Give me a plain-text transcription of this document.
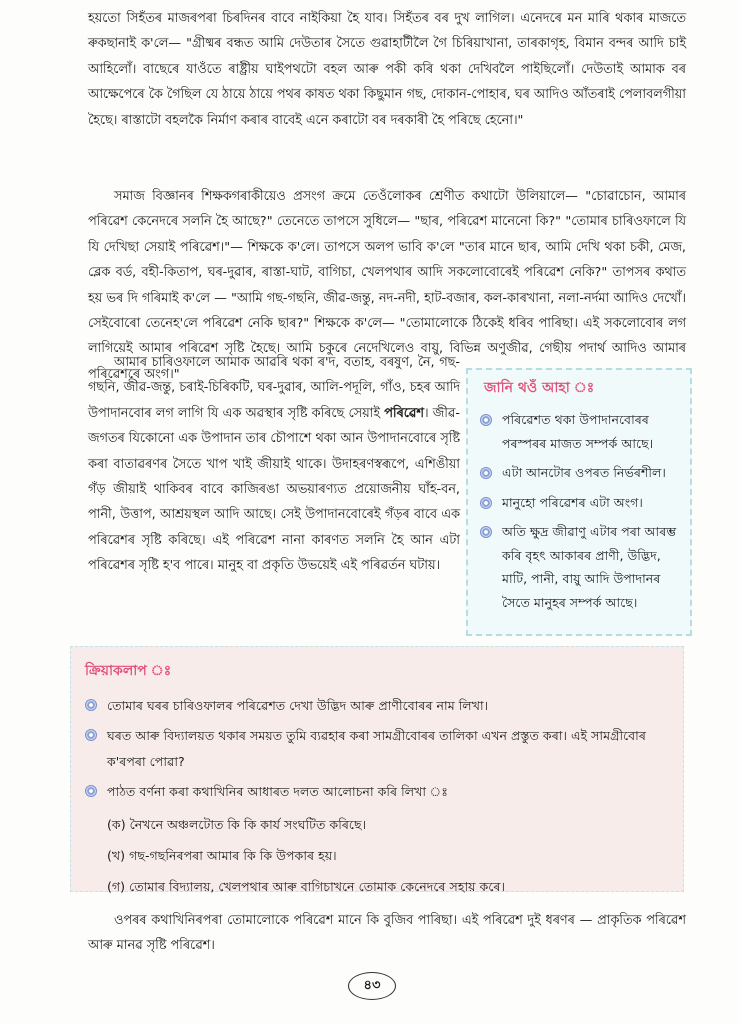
হয়তো সিহঁতৰ মাজৰপৰা চিৰদিনৰ বাবে নাইকিয়া হৈ যাব। সিহঁতৰ বৰ দুখ লাগিল। এনেদৰে মন মাৰি থকাৰ মাজতে ৰুকছানাই ক'লে— "গ্ৰীষ্মৰ বন্ধত আমি দেউতাৰ সৈতে গুৱাহাটীলৈ গৈ চিৰিয়াখানা, তাৰকাগৃহ, বিমান বন্দৰ আদি চাই আহিলোঁ। বাছেৰে যাওঁতে ৰাষ্ট্ৰীয় ঘাইপথটো বহল আৰু পকী কৰি থকা দেখিবলৈ পাইছিলোঁ। দেউতাই আমাক বৰ আক্ষেপেৰে কৈ গৈছিল যে ঠায়ে ঠায়ে পথৰ কাষত থকা কিছুমান গছ, দোকান-পোহাৰ, ঘৰ আদিও আঁতৰাই পেলাবলগীয়া হৈছে। ৰাস্তাটো বহলকৈ নিৰ্মাণ কৰাৰ বাবেই এনে কৰাটো বৰ দৰকাৰী হৈ পৰিছে হেনো।"

সমাজ বিজ্ঞানৰ শিক্ষকগৰাকীয়েও প্ৰসংগ ক্ৰমে তেওঁলোকৰ শ্ৰেণীত কথাটো উলিয়ালে— "চোৱাচোন, আমাৰ পৰিৱেশ কেনেদৰে সলনি হৈ আছে?" তেনেতে তাপসে সুধিলে— "ছাৰ, পৰিৱেশ মানেনো কি?" "তোমাৰ চাৰিওফালে যি যি দেখিছা সেয়াই পৰিৱেশ।"— শিক্ষকে ক'লে। তাপসে অলপ ভাবি ক'লে "তাৰ মানে ছাৰ, আমি দেখি থকা চকী, মেজ, ব্লেক বৰ্ড, বহী-কিতাপ, ঘৰ-দুৱাৰ, ৰাস্তা-ঘাট, বাগিচা, খেলপথাৰ আদি সকলোবোৰেই পৰিৱেশ নেকি?" তাপসৰ কথাত হয় ভৰ দি গৰিমাই ক'লে — "আমি গছ-গছনি, জীৱ-জন্তু, নদ-নদী, হাট-বজাৰ, কল-কাৰখানা, নলা-নৰ্দমা আদিও দেখোঁ। সেইবোৰো তেনেহ'লে পৰিৱেশ নেকি ছাৰ?" শিক্ষকে ক'লে— "তোমালোকে ঠিকেই ধৰিব পাৰিছা। এই সকলোবোৰ লগ লাগিয়েই আমাৰ পৰিৱেশ সৃষ্টি হৈছে। আমি চকুৰে নেদেখিলেও বায়ু, বিভিন্ন অণুজীৱ, গেছীয় পদাৰ্থ আদিও আমাৰ পৰিৱেশৰে অংগ।"

আমাৰ চাৰিওফালে আমাক আৱৰি থকা ৰ'দ, বতাহ, বৰষুণ, নৈ, গছ-গছনি, জীৱ-জন্তু, চৰাই-চিৰিকটি, ঘৰ-দুৱাৰ, আলি-পদূলি, গাঁও, চহৰ আদি উপাদানবোৰ লগ লাগি যি এক অৱস্থাৰ সৃষ্টি কৰিছে সেয়াই পৰিৱেশ। জীৱ-জগতৰ যিকোনো এক উপাদান তাৰ চৌপাশে থকা আন উপাদানবোৰে সৃষ্টি কৰা বাতাৱৰণৰ সৈতে খাপ খাই জীয়াই থাকে। উদাহৰণস্বৰূপে, এশিঙীয়া গঁড় জীয়াই থাকিবৰ বাবে কাজিৰঙা অভয়াৰণ্যত প্ৰয়োজনীয় ঘাঁহ-বন, পানী, উত্তাপ, আশ্ৰয়স্থল আদি আছে। সেই উপাদানবোৰেই গঁড়ৰ বাবে এক পৰিৱেশৰ সৃষ্টি কৰিছে। এই পৰিৱেশ নানা কাৰণত সলনি হৈ আন এটা পৰিৱেশৰ সৃষ্টি হ'ব পাৰে। মানুহ বা প্ৰকৃতি উভয়েই এই পৰিৱৰ্তন ঘটায়।

জানি থওঁ আহা ঃ
পৰিৱেশত থকা উপাদানবোৰৰ পৰস্পৰৰ মাজত সম্পৰ্ক আছে।
এটা আনটোৰ ওপৰত নিৰ্ভৰশীল।
মানুহো পৰিৱেশৰ এটা অংগ।
অতি ক্ষুদ্ৰ জীৱাণু এটাৰ পৰা আৰম্ভ কৰি বৃহৎ আকাৰৰ প্ৰাণী, উদ্ভিদ, মাটি, পানী, বায়ু আদি উপাদানৰ সৈতে মানুহৰ সম্পৰ্ক আছে।
ক্ৰিয়াকলাপ ঃ
তোমাৰ ঘৰৰ চাৰিওফালৰ পৰিৱেশত দেখা উদ্ভিদ আৰু প্ৰাণীবোৰৰ নাম লিখা।
ঘৰত আৰু বিদ্যালয়ত থকাৰ সময়ত তুমি ব্যৱহাৰ কৰা সামগ্ৰীবোৰৰ তালিকা এখন প্ৰস্তুত কৰা। এই সামগ্ৰীবোৰ ক'ৰপৰা পোৱা?
পাঠত বৰ্ণনা কৰা কথাখিনিৰ আধাৰত দলত আলোচনা কৰি লিখা ঃ
(ক) নৈখনে অঞ্চলটোত কি কি কাৰ্য সংঘটিত কৰিছে।
(খ) গছ-গছনিৰপৰা আমাৰ কি কি উপকাৰ হয়।
(গ) তোমাৰ বিদ্যালয়, খেলপথাৰ আৰু বাগিচাখনে তোমাক কেনেদৰে সহায় কৰে।

ওপৰৰ কথাখিনিৰপৰা তোমালোকে পৰিৱেশ মানে কি বুজিব পাৰিছা। এই পৰিৱেশ দুই ধৰণৰ — প্ৰাকৃতিক পৰিৱেশ আৰু মানৱ সৃষ্টি পৰিৱেশ।

৪৩
